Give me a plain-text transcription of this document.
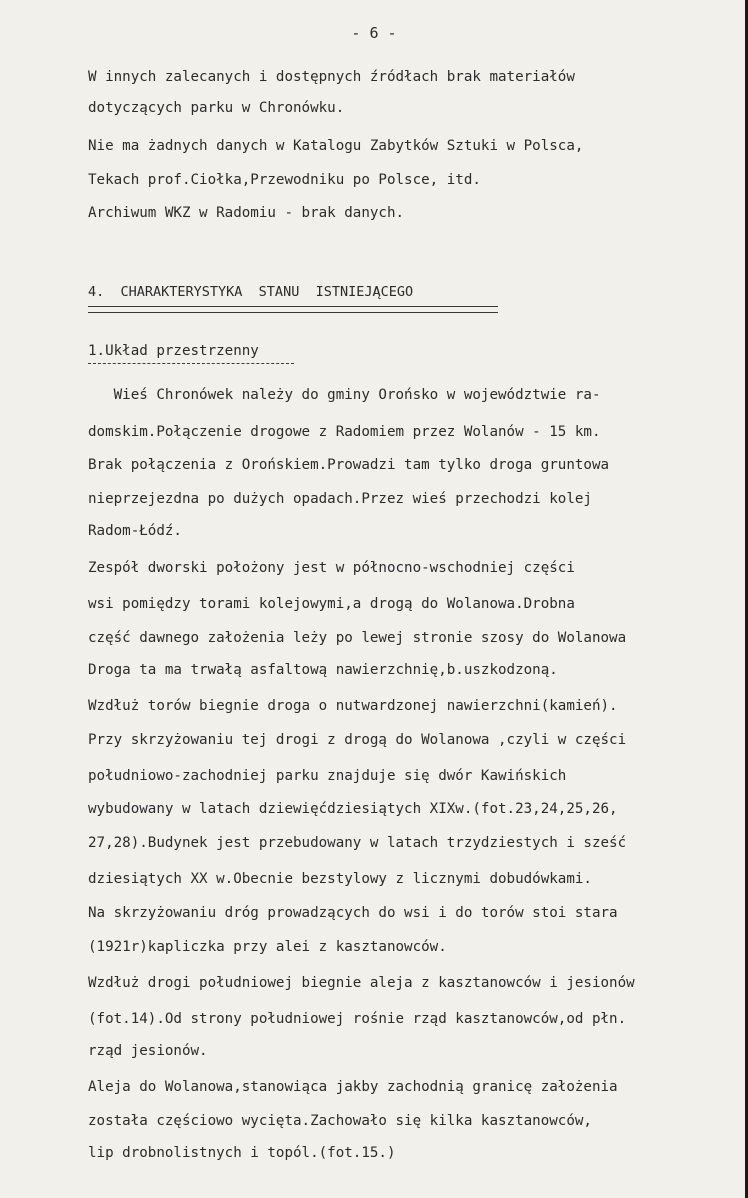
- 6 -
W innych zalecanych i dostępnych źródłach brak materiałów
dotyczących parku w Chronówku.
Nie ma żadnych danych w Katalogu Zabytków Sztuki w Polsca,
Tekach prof.Ciołka,Przewodniku po Polsce, itd.
Archiwum WKZ w Radomiu - brak danych.
4.  CHARAKTERYSTYKA  STANU  ISTNIEJĄCEGO
1.Układ przestrzenny
Wieś Chronówek należy do gminy Orońsko w województwie ra-
domskim.Połączenie drogowe z Radomiem przez Wolanów - 15 km.
Brak połączenia z Orońskiem.Prowadzi tam tylko droga gruntowa
nieprzejezdna po dużych opadach.Przez wieś przechodzi kolej
Radom-Łódź.
Zespół dworski położony jest w północno-wschodniej części
wsi pomiędzy torami kolejowymi,a drogą do Wolanowa.Drobna
część dawnego założenia leży po lewej stronie szosy do Wolanowa
Droga ta ma trwałą asfaltową nawierzchnię,b.uszkodzoną.
Wzdłuż torów biegnie droga o nutwardzonej nawierzchni(kamień).
Przy skrzyżowaniu tej drogi z drogą do Wolanowa ,czyli w części
południowo-zachodniej parku znajduje się dwór Kawińskich
wybudowany w latach dziewięćdziesiątych XIXw.(fot.23,24,25,26,
27,28).Budynek jest przebudowany w latach trzydziestych i sześć
dziesiątych XX w.Obecnie bezstylowy z licznymi dobudówkami.
Na skrzyżowaniu dróg prowadzących do wsi i do torów stoi stara
(1921r)kapliczka przy alei z kasztanowców.
Wzdłuż drogi południowej biegnie aleja z kasztanowców i jesionów
(fot.14).Od strony południowej rośnie rząd kasztanowców,od płn.
rząd jesionów.
Aleja do Wolanowa,stanowiąca jakby zachodnią granicę założenia
została częściowo wycięta.Zachowało się kilka kasztanowców,
lip drobnolistnych i topól.(fot.15.)
